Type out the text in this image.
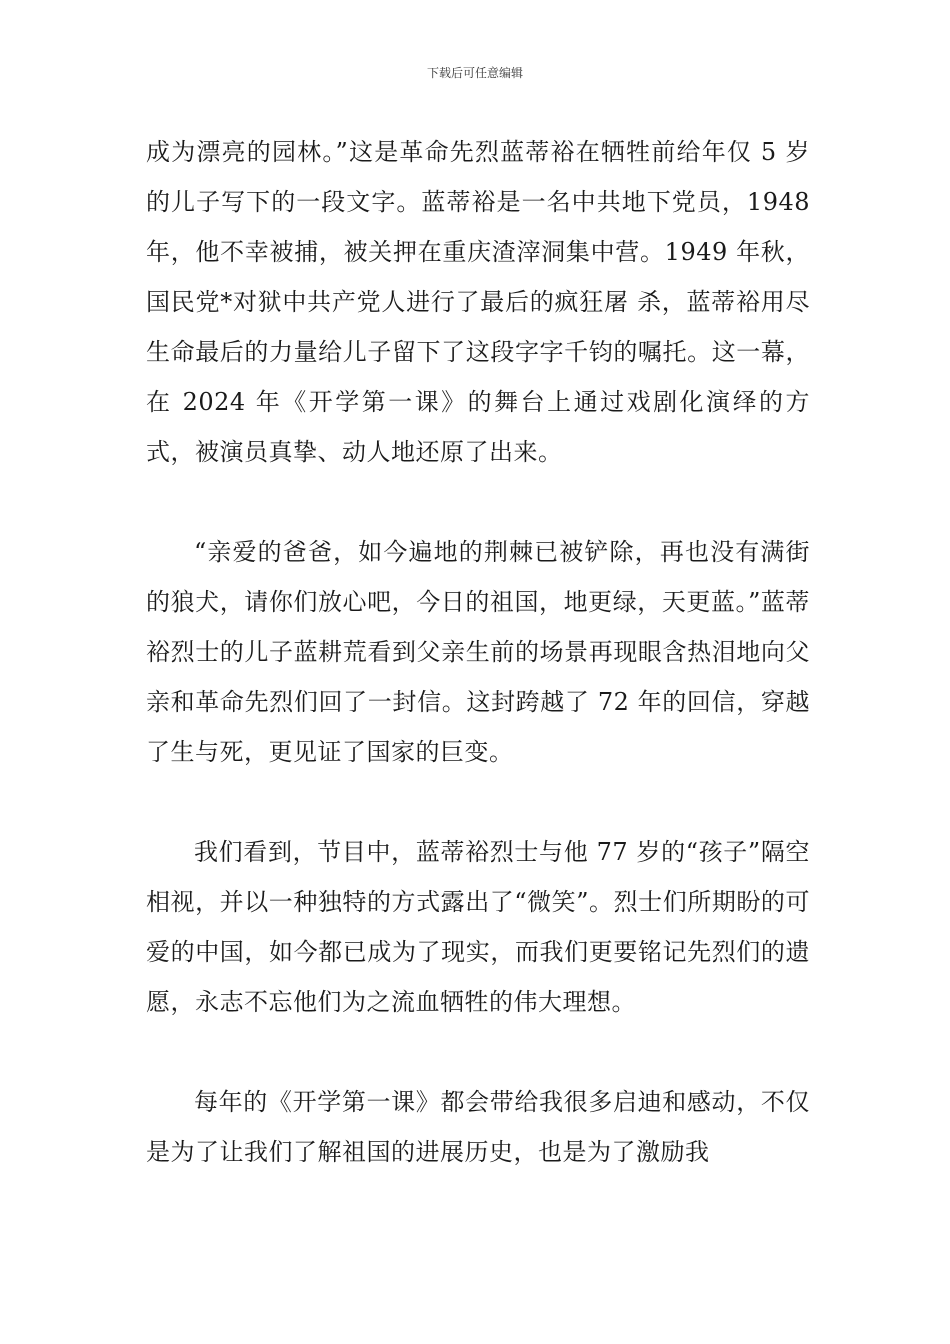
下载后可任意编辑

成为漂亮的园林。”这是革命先烈蓝蒂裕在牺牲前给年仅 5 岁的儿子写下的一段文字。蓝蒂裕是一名中共地下党员，1948 年，他不幸被捕，被关押在重庆渣滓洞集中营。1949 年秋，国民党*对狱中共产党人进行了最后的疯狂屠 杀，蓝蒂裕用尽生命最后的力量给儿子留下了这段字字千钧的嘱托。这一幕，在 2024 年《开学第一课》的舞台上通过戏剧化演绎的方式，被演员真挚、动人地还原了出来。

“亲爱的爸爸，如今遍地的荆棘已被铲除，再也没有满街的狼犬，请你们放心吧，今日的祖国，地更绿，天更蓝。”蓝蒂裕烈士的儿子蓝耕荒看到父亲生前的场景再现眼含热泪地向父亲和革命先烈们回了一封信。这封跨越了 72 年的回信，穿越了生与死，更见证了国家的巨变。

我们看到，节目中，蓝蒂裕烈士与他 77 岁的“孩子”隔空相视，并以一种独特的方式露出了“微笑”。烈士们所期盼的可爱的中国，如今都已成为了现实，而我们更要铭记先烈们的遗愿，永志不忘他们为之流血牺牲的伟大理想。

每年的《开学第一课》都会带给我很多启迪和感动，不仅是为了让我们了解祖国的进展历史，也是为了激励我
